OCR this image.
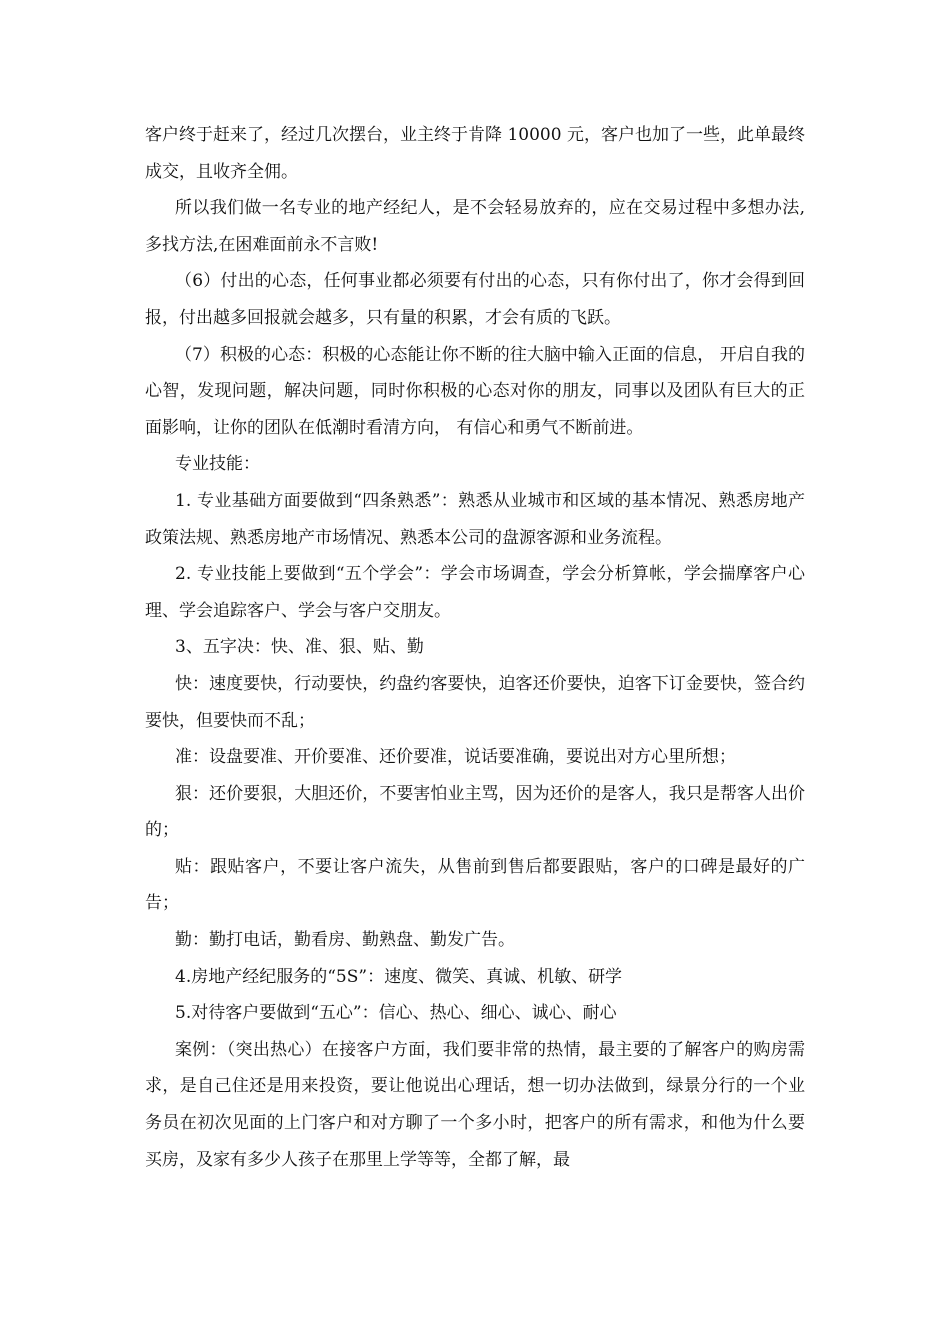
客户终于赶来了，经过几次摆台，业主终于肯降 10000 元，客户也加了一些，此单最终成交，且收齐全佣。

所以我们做一名专业的地产经纪人，是不会轻易放弃的，应在交易过程中多想办法,多找方法,在困难面前永不言败!

（6）付出的心态，任何事业都必须要有付出的心态，只有你付出了，你才会得到回报，付出越多回报就会越多，只有量的积累，才会有质的飞跃。

（7）积极的心态：积极的心态能让你不断的往大脑中输入正面的信息， 开启自我的心智，发现问题，解决问题，同时你积极的心态对你的朋友，同事以及团队有巨大的正面影响，让你的团队在低潮时看清方向， 有信心和勇气不断前进。

专业技能：

1. 专业基础方面要做到“四条熟悉”：熟悉从业城市和区域的基本情况、熟悉房地产政策法规、熟悉房地产市场情况、熟悉本公司的盘源客源和业务流程。

2. 专业技能上要做到“五个学会”：学会市场调查，学会分析算帐，学会揣摩客户心理、学会追踪客户、学会与客户交朋友。

3、五字决：快、准、狠、贴、勤

快：速度要快，行动要快，约盘约客要快，迫客还价要快，迫客下订金要快，签合约要快，但要快而不乱；

准：设盘要准、开价要准、还价要准，说话要准确，要说出对方心里所想；

狠：还价要狠，大胆还价，不要害怕业主骂，因为还价的是客人，我只是帮客人出价的；

贴：跟贴客户，不要让客户流失，从售前到售后都要跟贴，客户的口碑是最好的广告；

勤：勤打电话，勤看房、勤熟盘、勤发广告。

4.房地产经纪服务的“5S”：速度、微笑、真诚、机敏、研学

5.对待客户要做到“五心”：信心、热心、细心、诚心、耐心

案例：（突出热心）在接客户方面，我们要非常的热情，最主要的了解客户的购房需求，是自己住还是用来投资，要让他说出心理话，想一切办法做到，绿景分行的一个业务员在初次见面的上门客户和对方聊了一个多小时，把客户的所有需求，和他为什么要买房，及家有多少人孩子在那里上学等等，全都了解，最
